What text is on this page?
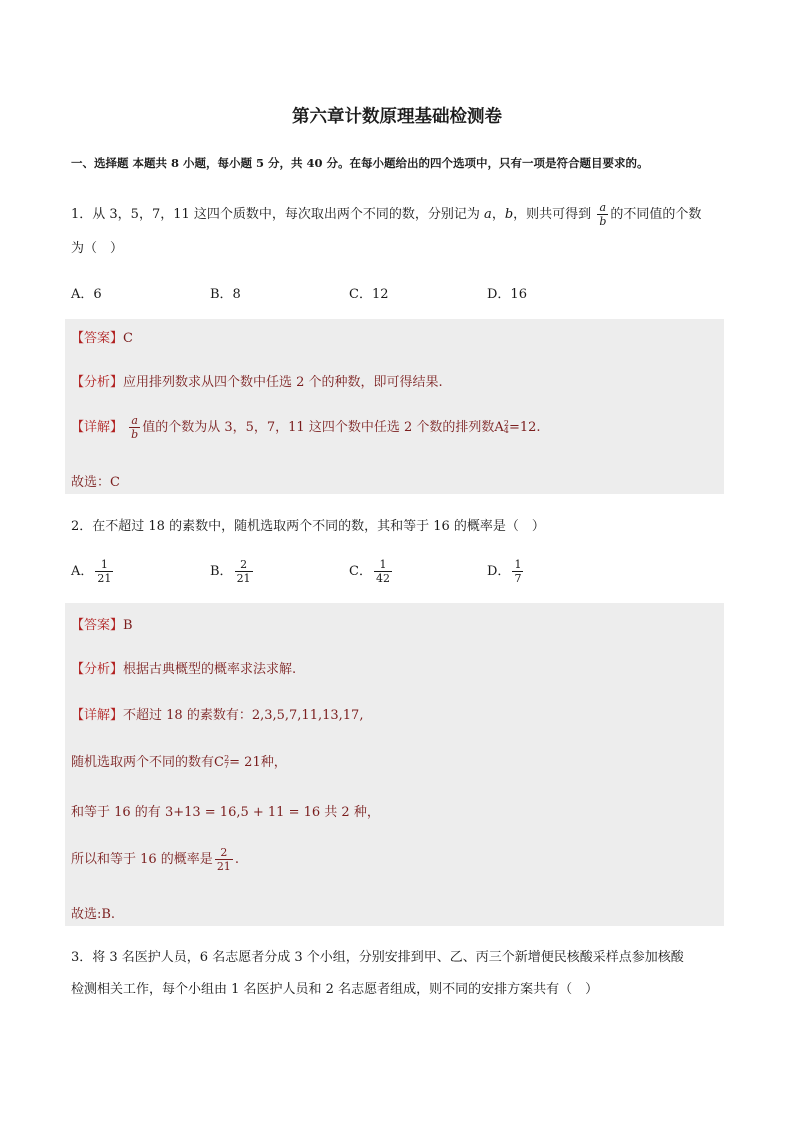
第六章计数原理基础检测卷
一、选择题 本题共 8 小题，每小题 5 分，共 40 分。在每小题给出的四个选项中，只有一项是符合题目要求的。
1．从 3，5，7，11 这四个质数中，每次取出两个不同的数，分别记为 a，b，则共可得到 $\frac{a}{b}$ 的不同值的个数
为（　）
A．6	B．8	C．12	D．16
【答案】C
【分析】应用排列数求从四个数中任选 2 个的种数，即可得结果.
【详解】 $\frac{a}{b}$ 值的个数为从 3，5，7，11 这四个数中任选 2 个数的排列数$A_4^2=12$.
故选：C
2．在不超过 18 的素数中，随机选取两个不同的数，其和等于 16 的概率是（　）
A． $\frac{1}{21}$	B． $\frac{2}{21}$	C． $\frac{1}{42}$	D． $\frac{1}{7}$
【答案】B
【分析】根据古典概型的概率求法求解.
【详解】不超过 18 的素数有：2,3,5,7,11,13,17,
随机选取两个不同的数有$C_7^2= 21$种，
和等于 16 的有 3+13 = 16,5 + 11 = 16 共 2 种，
所以和等于 16 的概率是 $\frac{2}{21}$ .
故选:B.
3．将 3 名医护人员，6 名志愿者分成 3 个小组，分别安排到甲、乙、丙三个新增便民核酸采样点参加核酸
检测相关工作，每个小组由 1 名医护人员和 2 名志愿者组成，则不同的安排方案共有（　）
